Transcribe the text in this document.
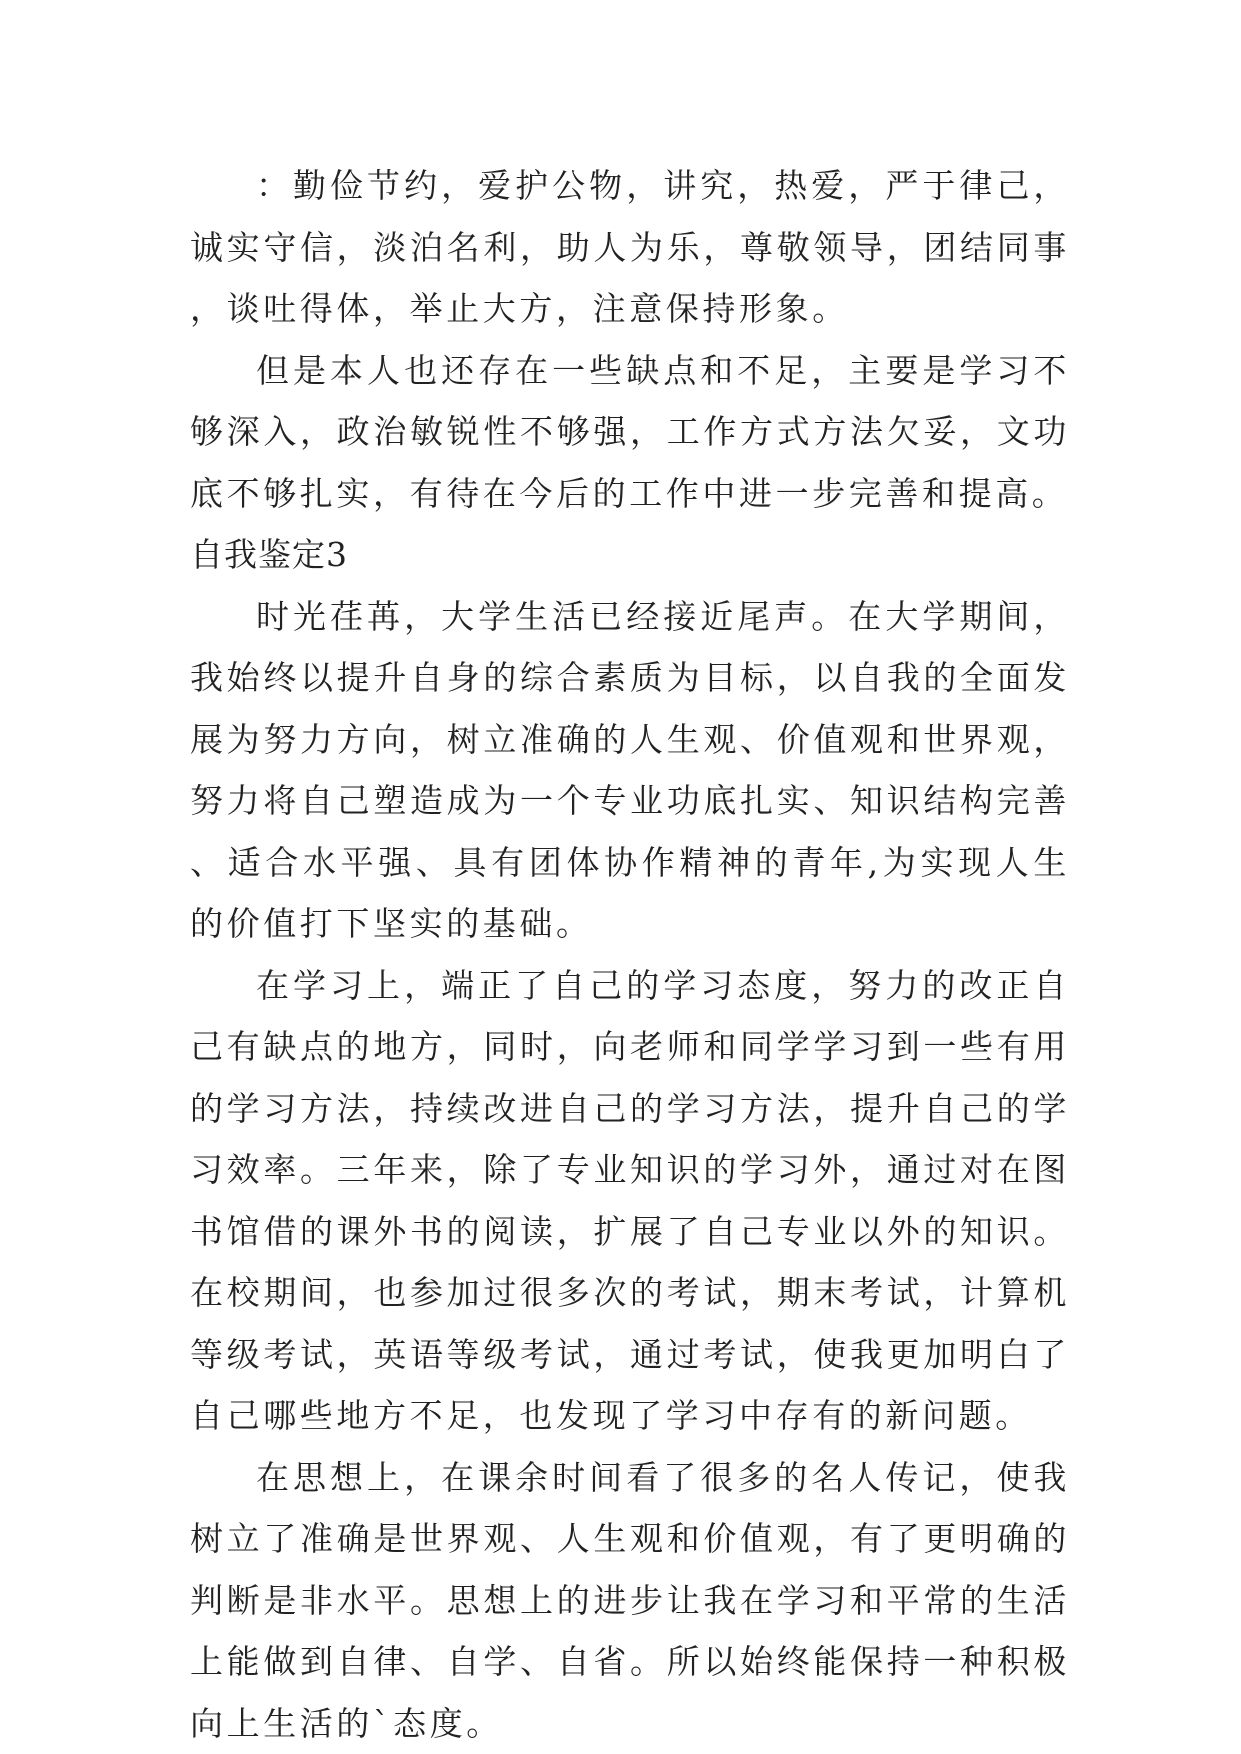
：勤俭节约，爱护公物，讲究，热爱，严于律己，诚实守信，淡泊名利，助人为乐，尊敬领导，团结同事，谈吐得体，举止大方，注意保持形象。

但是本人也还存在一些缺点和不足，主要是学习不够深入，政治敏锐性不够强，工作方式方法欠妥，文功底不够扎实，有待在今后的工作中进一步完善和提高。

自我鉴定3

时光荏苒，大学生活已经接近尾声。在大学期间，我始终以提升自身的综合素质为目标，以自我的全面发展为努力方向，树立准确的人生观、价值观和世界观，努力将自己塑造成为一个专业功底扎实、知识结构完善、适合水平强、具有团体协作精神的青年,为实现人生的价值打下坚实的基础。

在学习上，端正了自己的学习态度，努力的改正自己有缺点的地方，同时，向老师和同学学习到一些有用的学习方法，持续改进自己的学习方法，提升自己的学习效率。三年来，除了专业知识的学习外，通过对在图书馆借的课外书的阅读，扩展了自己专业以外的知识。在校期间，也参加过很多次的考试，期末考试，计算机等级考试，英语等级考试，通过考试，使我更加明白了自己哪些地方不足，也发现了学习中存有的新问题。

在思想上，在课余时间看了很多的名人传记，使我树立了准确是世界观、人生观和价值观，有了更明确的判断是非水平。思想上的进步让我在学习和平常的生活上能做到自律、自学、自省。所以始终能保持一种积极向上生活的`态度。
